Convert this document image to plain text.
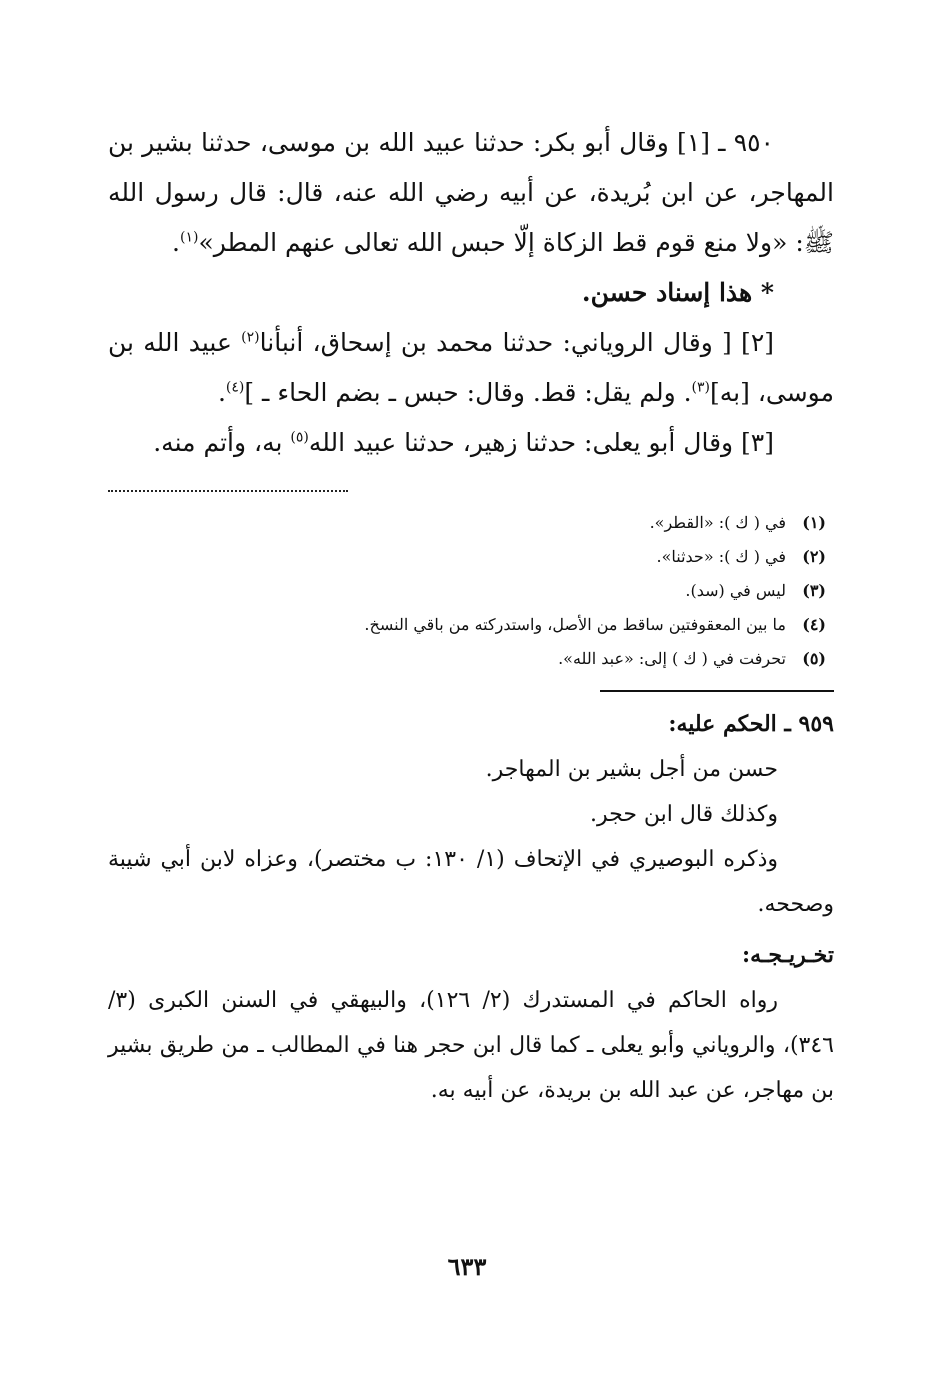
٩٥٠ ـ [١] وقال أبو بكر: حدثنا عبيد الله بن موسى، حدثنا بشير بن المهاجر، عن ابن بُريدة، عن أبيه رضي الله عنه، قال: قال رسول الله ﷺ: «ولا منع قوم قط الزكاة إلّا حبس الله تعالى عنهم المطر»$^{(١)}$.

* هذا إسناد حسن.

[٢] [ وقال الروياني: حدثنا محمد بن إسحاق، أنبأنا$^{(٢)}$ عبيد الله بن موسى، [به]$^{(٣)}$. ولم يقل: قط. وقال: حبس ـ بضم الحاء ـ ]$^{(٤)}$.

[٣] وقال أبو يعلى: حدثنا زهير، حدثنا عبيد الله$^{(٥)}$ به، وأتم منه.

(١)في ( ك ): «القطر».
(٢)في ( ك ): «حدثنا».
(٣)ليس في (سد).
(٤)ما بين المعقوفتين ساقط من الأصل، واستدركته من باقي النسخ.
(٥)تحرفت في ( ك ) إلى: «عبد الله».

٩٥٩ ـ الحكم عليه:

حسن من أجل بشير بن المهاجر.

وكذلك قال ابن حجر.

وذكره البوصيري في الإتحاف (١/ ١٣٠: ب مختصر)، وعزاه لابن أبي شيبة وصححه.

تخـريـجـه:

رواه الحاكم في المستدرك (٢/ ١٢٦)، والبيهقي في السنن الكبرى (٣/ ٣٤٦)، والروياني وأبو يعلى ـ كما قال ابن حجر هنا في المطالب ـ من طريق بشير بن مهاجر، عن عبد الله بن بريدة، عن أبيه به.

٦٣٣
